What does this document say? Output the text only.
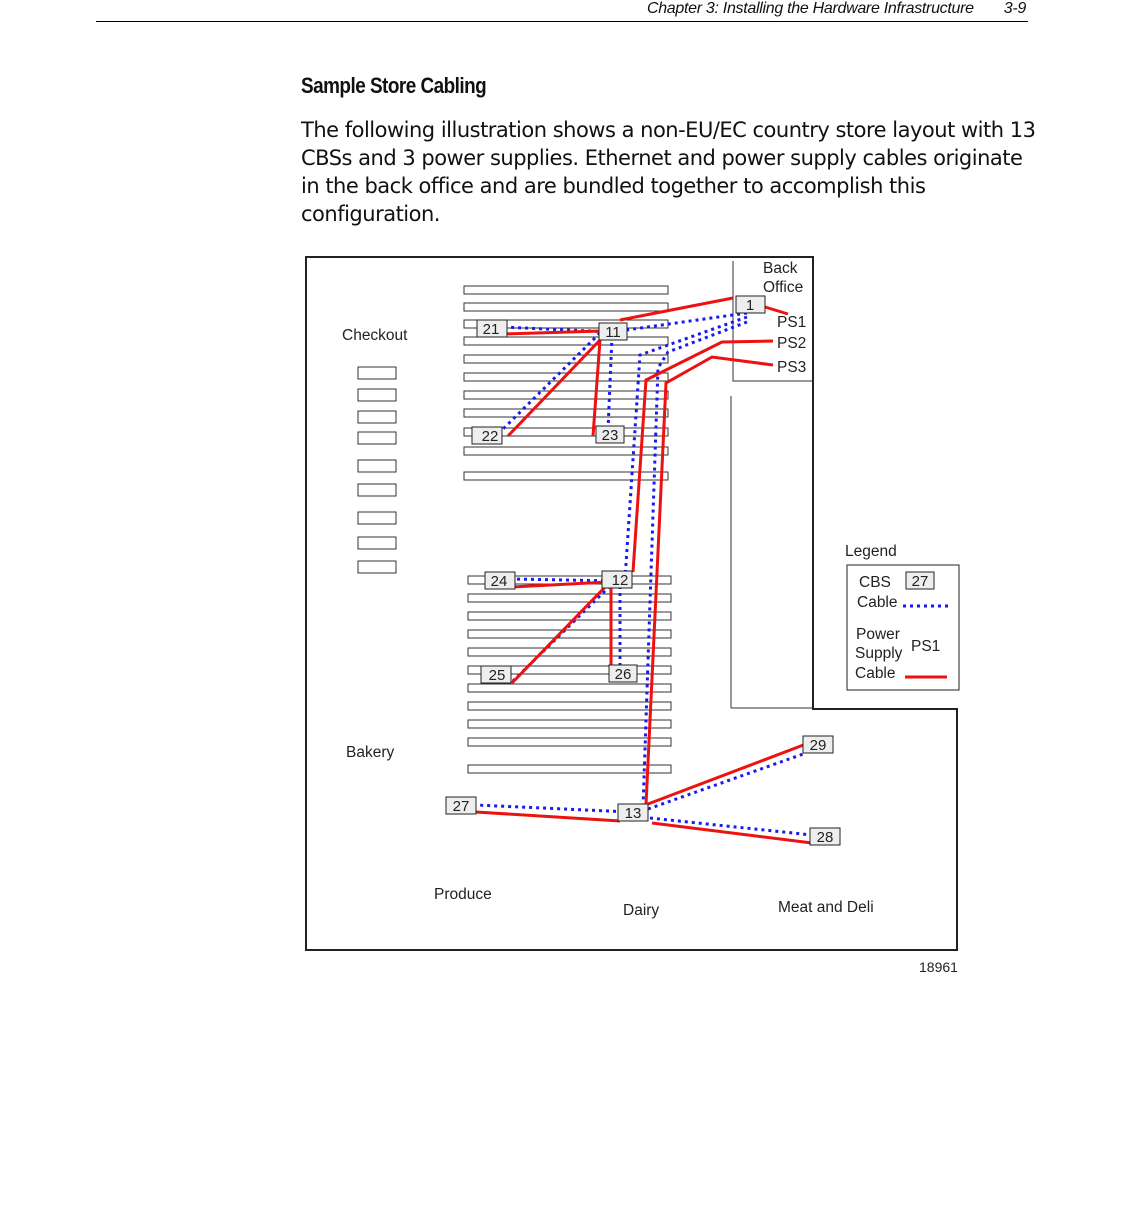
Chapter 3: Installing the Hardware Infrastructure 3-9
Sample Store Cabling
The following illustration shows a non-EU/EC country store layout with 13 CBSs and 3 power supplies. Ethernet and power supply cables originate in the back office and are bundled together to accomplish this configuration.
Back
Office
Checkout
Bakery
Produce
Dairy	Meat and Deli
PS1
PS2
PS3
1
11
21
22	23
24	12
25	26
27	13
29
28
Legend
CBS 27
Cable
Power
Supply PS1
Cable
18961
